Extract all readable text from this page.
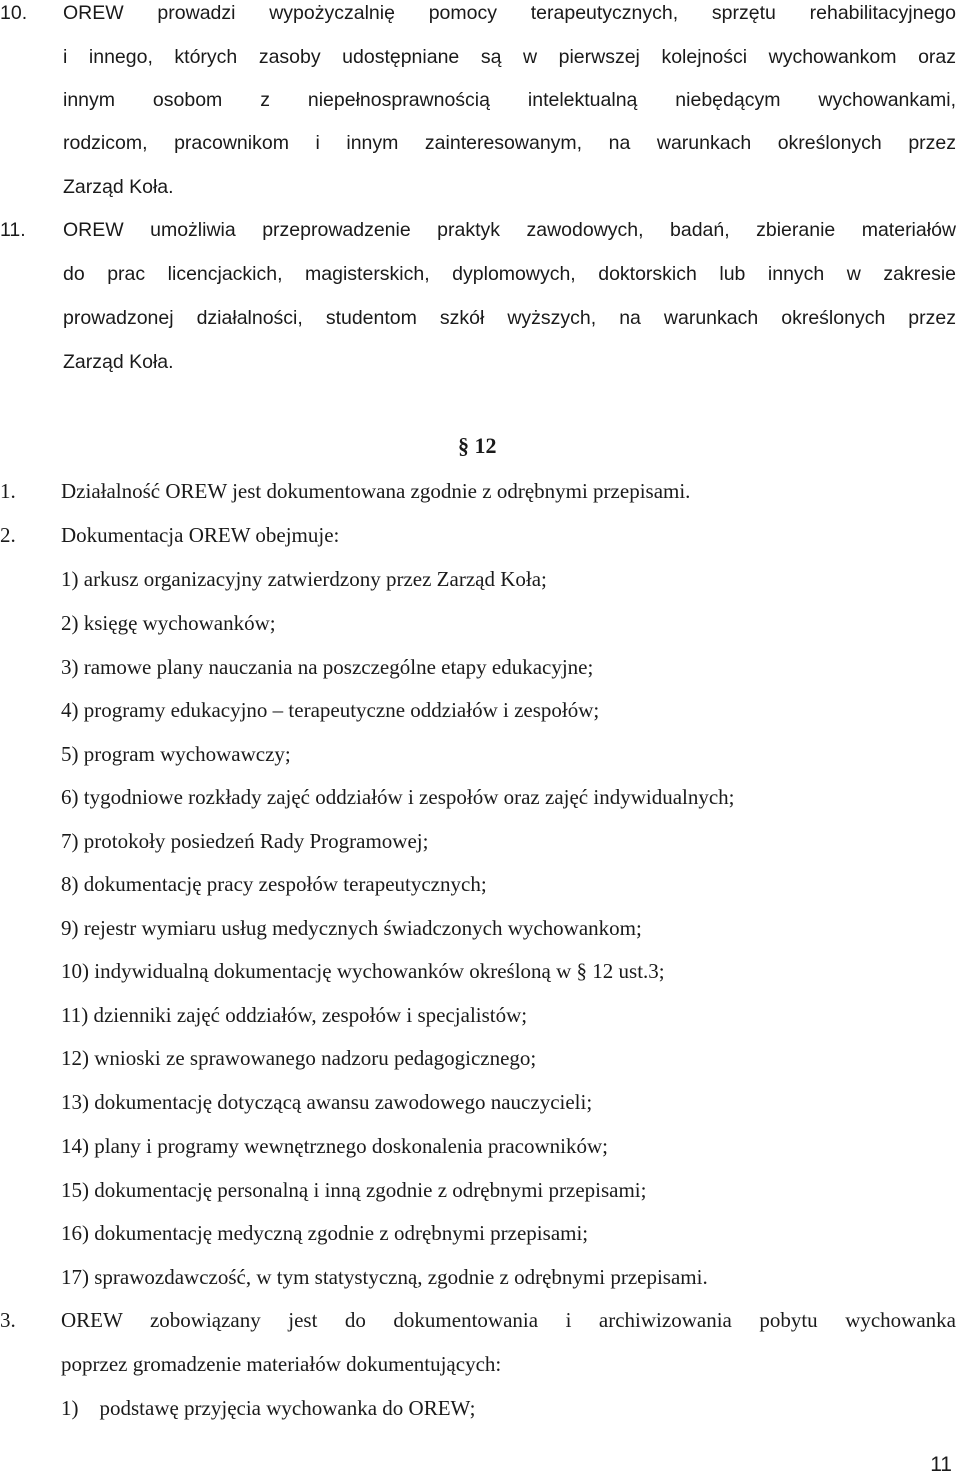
10. OREW prowadzi wypożyczalnię pomocy terapeutycznych, sprzętu rehabilitacyjnego
i innego, których zasoby udostępniane są w pierwszej kolejności wychowankom oraz
innym osobom z niepełnosprawnością intelektualną niebędącym wychowankami,
rodzicom, pracownikom i innym zainteresowanym, na warunkach określonych przez
Zarząd Koła.
11. OREW umożliwia przeprowadzenie praktyk zawodowych, badań, zbieranie materiałów
do prac licencjackich, magisterskich, dyplomowych, doktorskich lub innych w zakresie
prowadzonej działalności, studentom szkół wyższych, na warunkach określonych przez
Zarząd Koła.
§ 12
1. Działalność OREW jest dokumentowana zgodnie z odrębnymi przepisami.
2. Dokumentacja OREW obejmuje:
1) arkusz organizacyjny zatwierdzony przez Zarząd Koła;
2) księgę wychowanków;
3) ramowe plany nauczania na poszczególne etapy edukacyjne;
4) programy edukacyjno – terapeutyczne oddziałów i zespołów;
5) program wychowawczy;
6) tygodniowe rozkłady zajęć oddziałów i zespołów oraz zajęć indywidualnych;
7) protokoły posiedzeń Rady Programowej;
8) dokumentację pracy zespołów terapeutycznych;
9) rejestr wymiaru usług medycznych świadczonych wychowankom;
10) indywidualną dokumentację wychowanków określoną w § 12 ust.3;
11) dzienniki zajęć oddziałów, zespołów i specjalistów;
12) wnioski ze sprawowanego nadzoru pedagogicznego;
13) dokumentację dotyczącą awansu zawodowego nauczycieli;
14) plany i programy wewnętrznego doskonalenia pracowników;
15) dokumentację personalną i inną zgodnie z odrębnymi przepisami;
16) dokumentację medyczną zgodnie z odrębnymi przepisami;
17) sprawozdawczość, w tym statystyczną, zgodnie z odrębnymi przepisami.
3. OREW zobowiązany jest do dokumentowania i archiwizowania pobytu wychowanka
poprzez gromadzenie materiałów dokumentujących:
1)    podstawę przyjęcia wychowanka do OREW;
11
